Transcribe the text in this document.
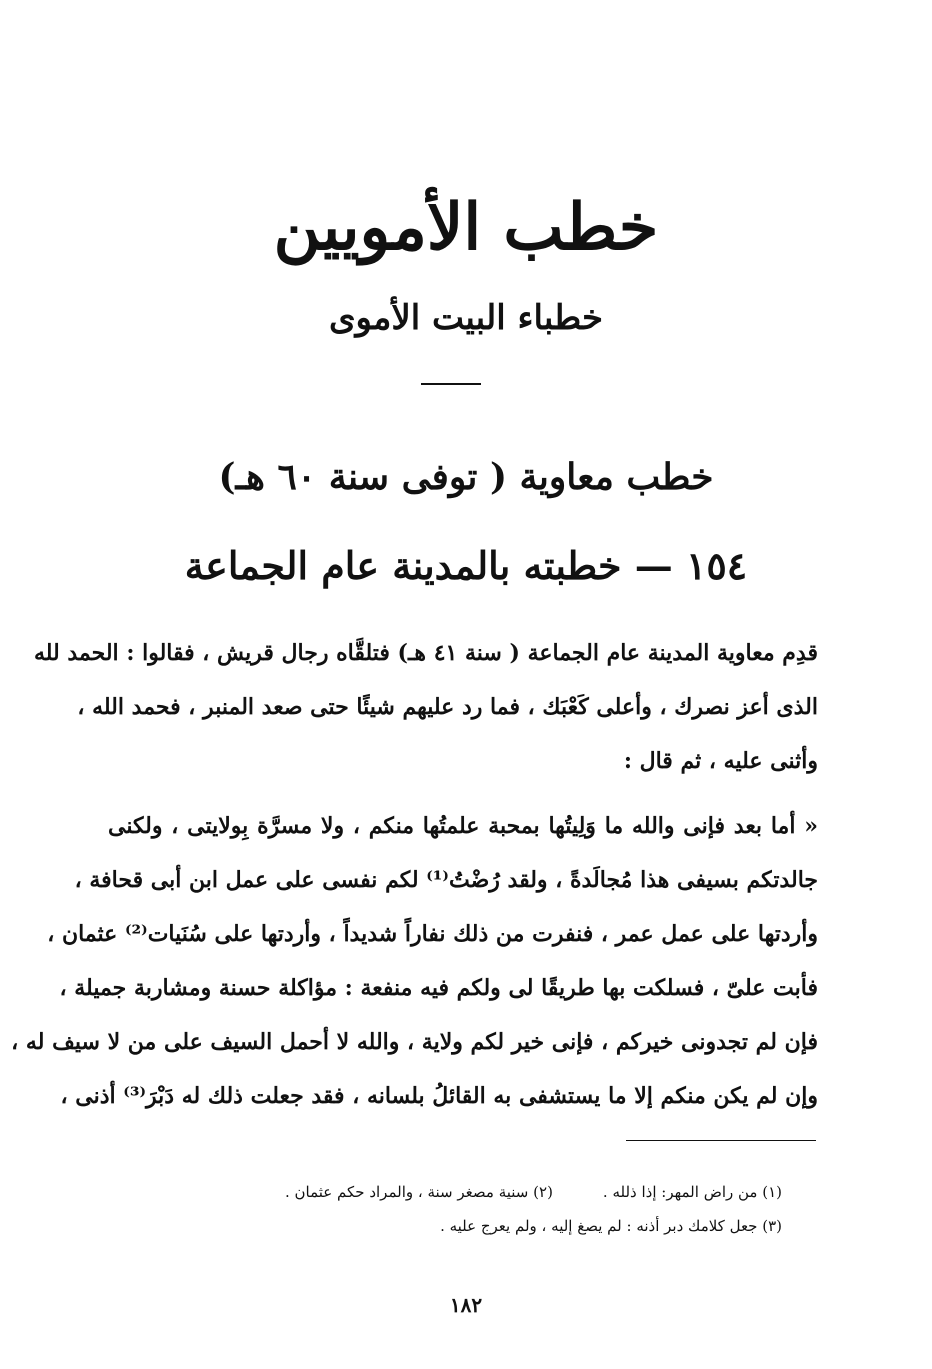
خطب الأمويين
خطباء البيت الأموى
خطب معاوية ( توفى سنة ٦٠ هـ)
١٥٤ — خطبته بالمدينة عام الجماعة
قدِم معاوية المدينة عام الجماعة ( سنة ٤١ هـ) فتلقَّاه رجال قريش ، فقالوا : الحمد لله
الذى أعز نصرك ، وأعلى كَعْبَك ، فما رد عليهم شيئًا حتى صعد المنبر ، فحمد الله ،
وأثنى عليه ، ثم قال :
« أما بعد فإنى والله ما وَلِيتُها بمحبة علمتُها منكم ، ولا مسرَّة بِولايتى ، ولكنى
جالدتكم بسيفى هذا مُجالَدةً ، ولقد رُضْتُ⁽¹⁾ لكم نفسى على عمل ابن أبى قحافة ،
وأردتها على عمل عمر ، فنفرت من ذلك نفاراً شديداً ، وأردتها على سُنَيات⁽²⁾ عثمان ،
فأبت علىّ ، فسلكت بها طريقًا لى ولكم فيه منفعة : مؤاكلة حسنة ومشاربة جميلة ،
فإن لم تجدونى خيركم ، فإنى خير لكم ولاية ، والله لا أحمل السيف على من لا سيف له ،
وإن لم يكن منكم إلا ما يستشفى به القائلُ بلسانه ، فقد جعلت ذلك له دَبْرَ⁽³⁾ أذنى ،
(١) من راض المهر: إذا ذلله .(٢) سنية مصغر سنة ، والمراد حكم عثمان .
(٣) جعل كلامك دبر أذنه : لم يصغ إليه ، ولم يعرج عليه .
١٨٢
